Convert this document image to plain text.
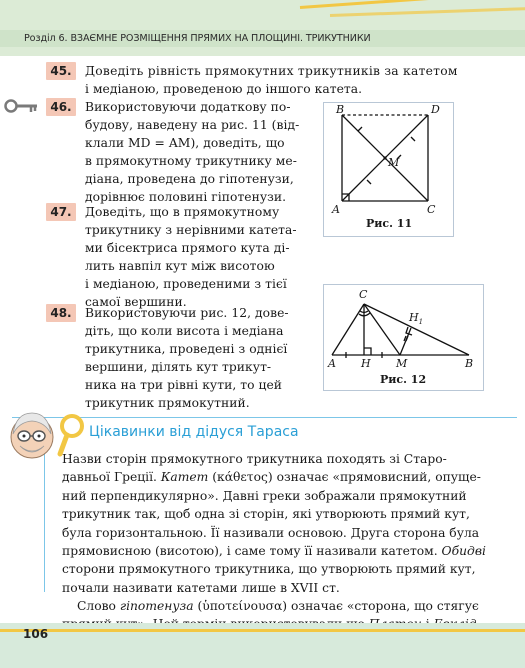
Розділ 6. ВЗАЄМНЕ РОЗМІЩЕННЯ ПРЯМИХ НА ПЛОЩИНІ. ТРИКУТНИКИ
45.	Доведіть рівність прямокутних трикутників за катетом
і медіаною, проведеною до іншого катета.
46.	Використовуючи додаткову по-
будову, наведену на рис. 11 (від-
клали MD = AM), доведіть, що
в прямокутному трикутнику ме-
діана, проведена до гіпотенузи,
дорівнює половині гіпотенузи.
B	D
M
A	C
Рис. 11
47.	Доведіть, що в прямокутному
трикутнику з нерівними катета-
ми бісектриса прямого кута ді-
лить навпіл кут між висотою
і медіаною, проведеними з тієї
самої вершини.
48.	Використовуючи рис. 12, дове-
діть, що коли висота і медіана
трикутника, проведені з однієї
вершини, ділять кут трикут-
ника на три рівні кути, то цей
трикутник прямокутний.
C
$H_1$
A H M	B
Рис. 12
Цікавинки від дідуся Тараса
Назви сторін прямокутного трикутника походять зі Старо-
давньої Греції. Катет (κάθετος) означає «прямовисний, опуще-
ний перпендикулярно». Давні греки зображали прямокутний
трикутник так, щоб одна зі сторін, які утворюють прямий кут,
була горизонтальною. Її називали основою. Друга сторона була
прямовисною (висотою), і саме тому її називали катетом. Обидві
сторони прямокутного трикутника, що утворюють прямий кут,
почали називати катетами лише в XVII ст.
Слово гіпотенуза (ὑποτείνουσα) означає «сторона, що стягує
106
